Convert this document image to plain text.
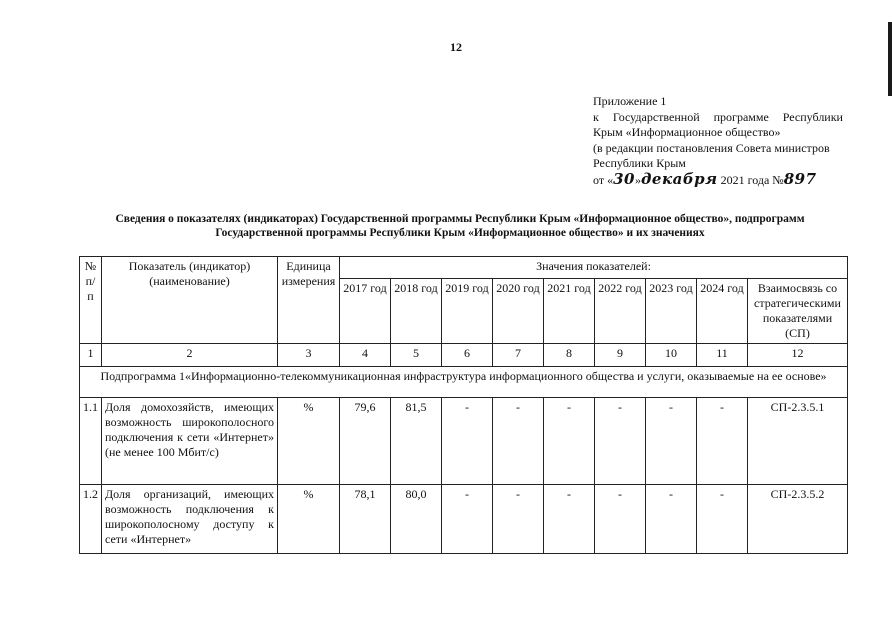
12
Приложение 1
к Государственной программе Республики
Крым «Информационное общество»
(в редакции постановления Совета министров
Республики Крым
от «30»декабря 2021 года №897
Сведения о показателях (индикаторах) Государственной программы Республики Крым «Информационное общество», подпрограмм
Государственной программы Республики Крым «Информационное общество» и их значениях
№ п/п	Показатель (индикатор) (наименование)	Единица измерения	Значения показателей:								
			2017 год	2018 год	2019 год	2020 год	2021 год	2022 год	2023 год	2024 год	Взаимосвязь со стратегическими показателями (СП)
1	2	3	4	5	6	7	8	9	10	11	12
Подпрограмма 1«Информационно-телекоммуникационная инфраструктура информационного общества и услуги, оказываемые на ее основе»											
1.1	Доля домохозяйств, имеющих возможность широкополосного подключения к сети «Интернет» (не менее 100 Мбит/с)	%	79,6	81,5	-	-	-	-	-	-	СП-2.3.5.1
1.2	Доля организаций, имеющих возможность подключения к широкополосному доступу к сети «Интернет»	%	78,1	80,0	-	-	-	-	-	-	СП-2.3.5.2
